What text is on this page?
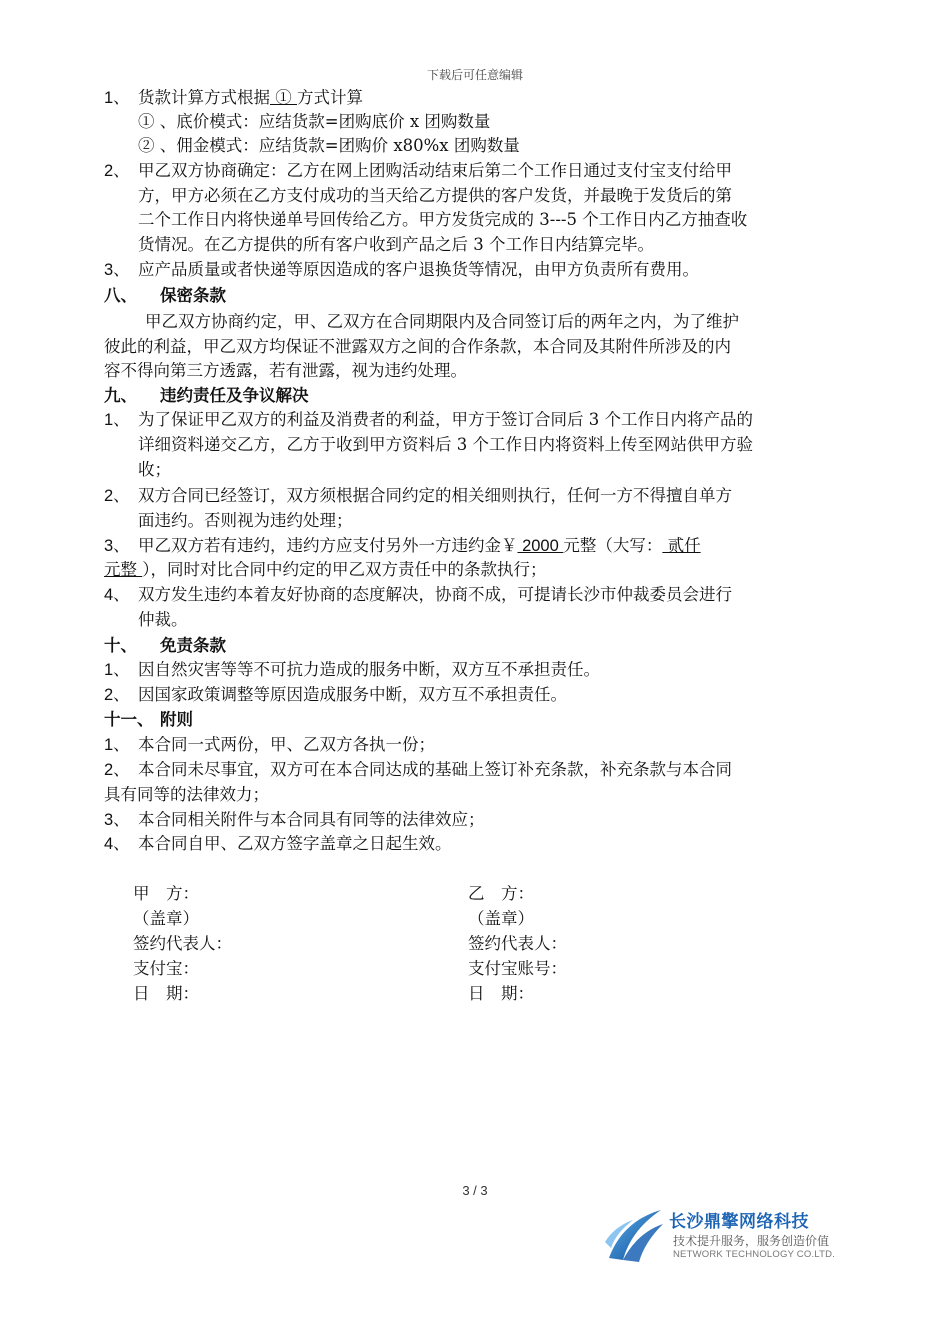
下载后可任意编辑
1、 货款计算方式根据 ① 方式计算
① 、底价模式：应结货款=团购底价 x 团购数量
② 、佣金模式：应结货款=团购价 x80%x 团购数量
2、 甲乙双方协商确定：乙方在网上团购活动结束后第二个工作日通过支付宝支付给甲
方，甲方必须在乙方支付成功的当天给乙方提供的客户发货，并最晚于发货后的第
二个工作日内将快递单号回传给乙方。甲方发货完成的 3---5 个工作日内乙方抽查收
货情况。在乙方提供的所有客户收到产品之后 3 个工作日内结算完毕。
3、 应产品质量或者快递等原因造成的客户退换货等情况，由甲方负责所有费用。
八、 保密条款
甲乙双方协商约定，甲、乙双方在合同期限内及合同签订后的两年之内，为了维护
彼此的利益，甲乙双方均保证不泄露双方之间的合作条款，本合同及其附件所涉及的内
容不得向第三方透露，若有泄露，视为违约处理。
九、 违约责任及争议解决
1、 为了保证甲乙双方的利益及消费者的利益，甲方于签订合同后 3 个工作日内将产品的
详细资料递交乙方，乙方于收到甲方资料后 3 个工作日内将资料上传至网站供甲方验
收；
2、 双方合同已经签订，双方须根据合同约定的相关细则执行，任何一方不得擅自单方
面违约。否则视为违约处理；
3、 甲乙双方若有违约，违约方应支付另外一方违约金￥ 2000 元整（大写： 贰仟
元整 ），同时对比合同中约定的甲乙双方责任中的条款执行；
4、 双方发生违约本着友好协商的态度解决，协商不成，可提请长沙市仲裁委员会进行
仲裁。
十、 免责条款
1、 因自然灾害等等不可抗力造成的服务中断，双方互不承担责任。
2、 因国家政策调整等原因造成服务中断，双方互不承担责任。
十一、 附则
1、 本合同一式两份，甲、乙双方各执一份；
2、 本合同未尽事宜，双方可在本合同达成的基础上签订补充条款，补充条款与本合同
具有同等的法律效力；
3、 本合同相关附件与本合同具有同等的法律效应；
4、 本合同自甲、乙双方签字盖章之日起生效。
甲　方：
（盖章）
签约代表人：
支付宝：
日　期：
乙　方：
（盖章）
签约代表人：
支付宝账号：
日　期：
3 / 3
长沙鼎擎网络科技
技术提升服务，服务创造价值
NETWORK TECHNOLOGY CO.LTD.
